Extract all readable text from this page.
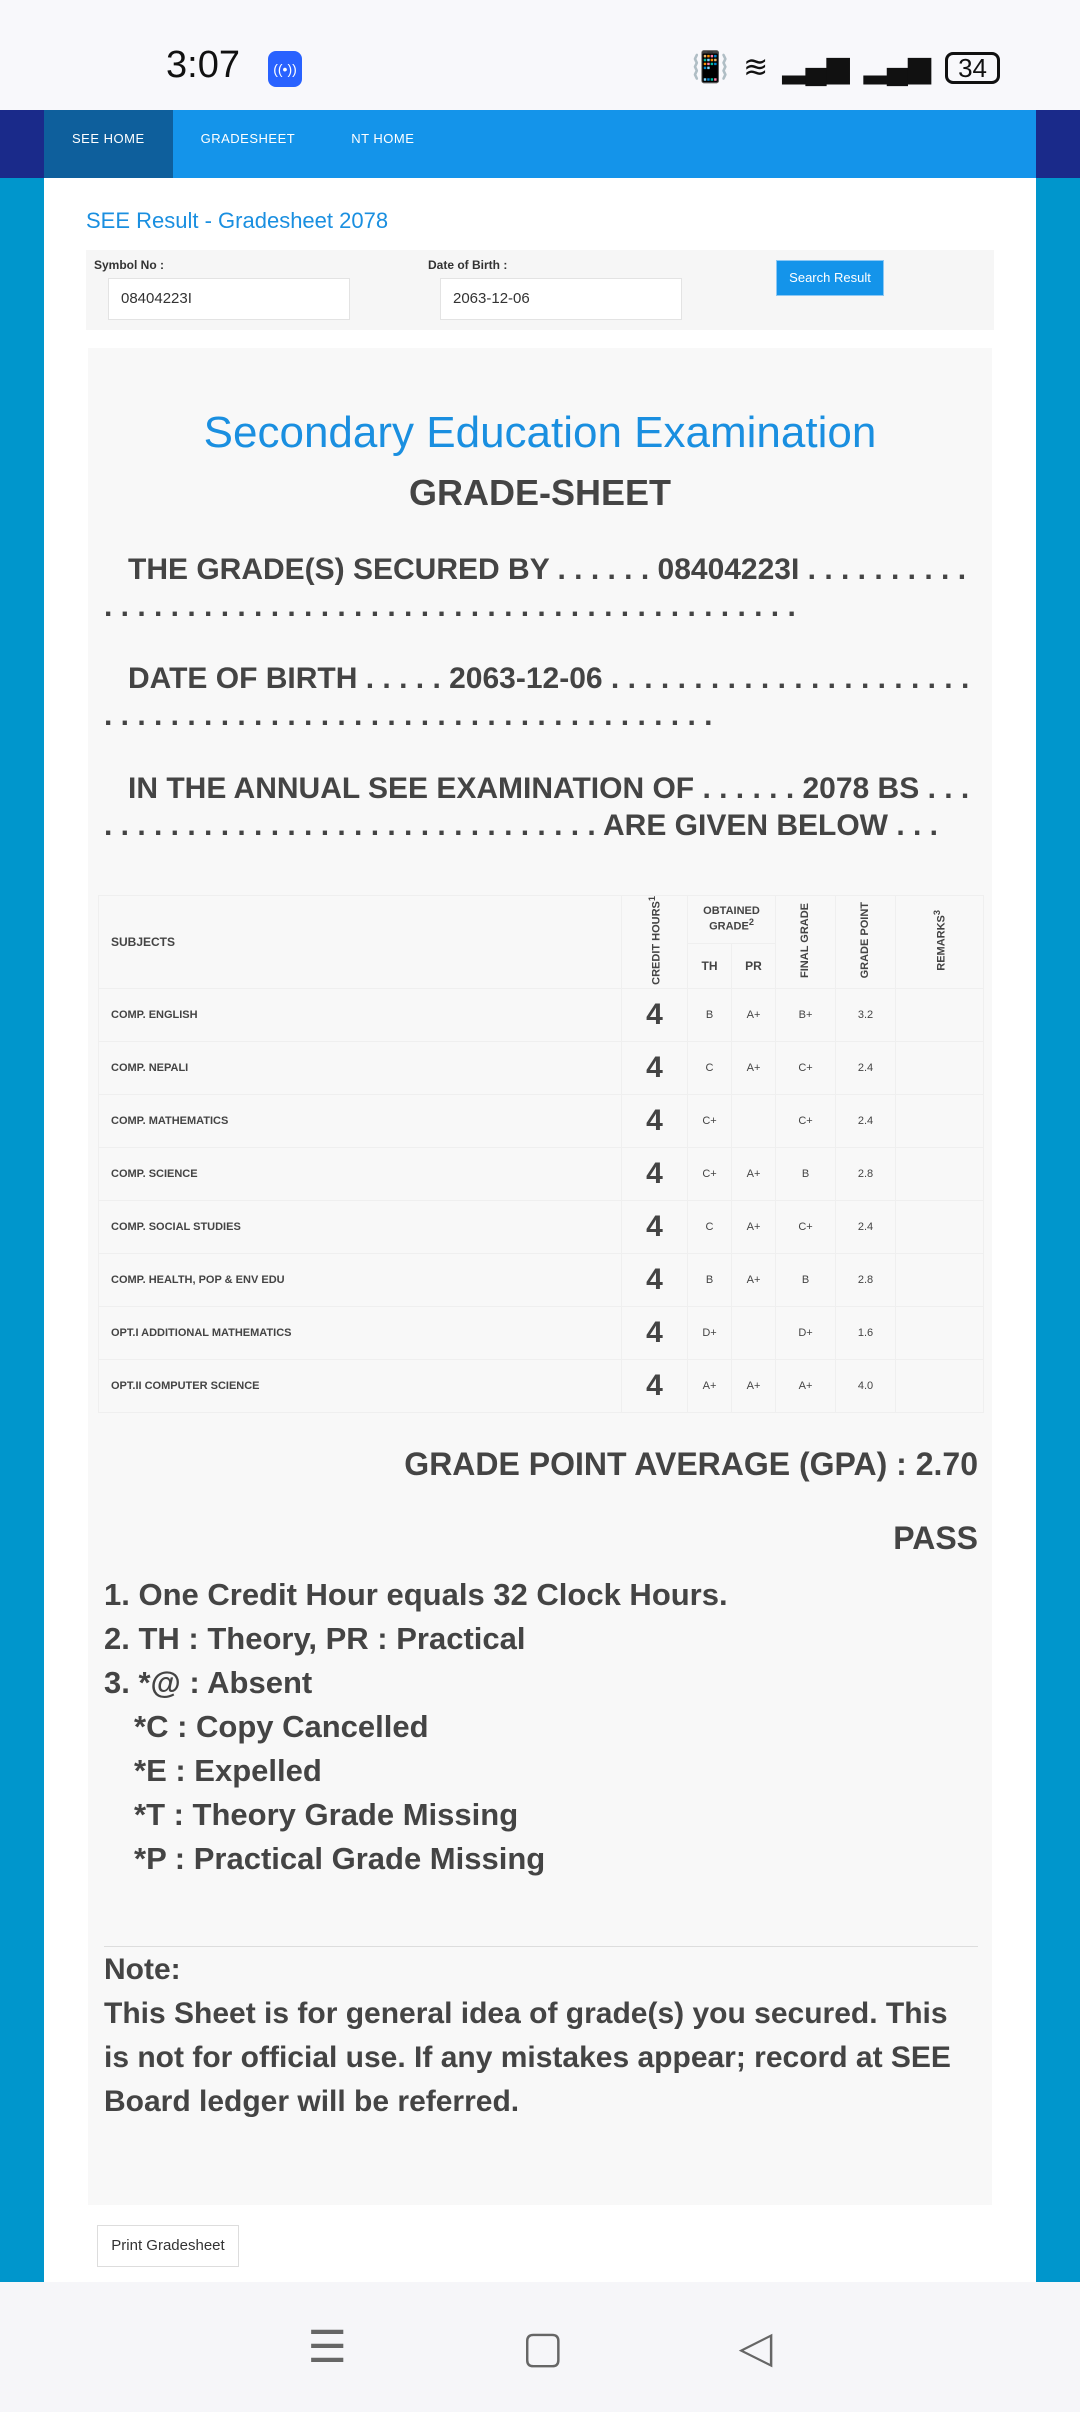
3:07	((•))	📳 ≋ ▂▄▆ ▂▄▆	34
SEE HOME	GRADESHEET	NT HOME
SEE Result - Gradesheet 2078
Symbol No :
08404223I
Date of Birth :
2063-12-06
Search Result
Secondary Education Examination
GRADE-SHEET
THE GRADE(S) SECURED BY . . . . . . 08404223I . . . . . . . . . . . . . . . . . . . . . . . . . . . . . . . . . . . . . . . . . . . . . . . . . . . .
DATE OF BIRTH . . . . . 2063-12-06 . . . . . . . . . . . . . . . . . . . . . . . . . . . . . . . . . . . . . . . . . . . . . . . . . . . . . . . . . . .
IN THE ANNUAL SEE EXAMINATION OF . . . . . . 2078 BS . . . . . . . . . . . . . . . . . . . . . . . . . . . . . . . . . ARE GIVEN BELOW . . .
SUBJECTS	CREDIT HOURS$^1$	OBTAINED GRADE$^2$		FINAL GRADE	GRADE POINT	REMARKS$^3$
		TH	PR			
COMP. ENGLISH	4	B	A+	B+	3.2	
COMP. NEPALI	4	C	A+	C+	2.4	
COMP. MATHEMATICS	4	C+		C+	2.4	
COMP. SCIENCE	4	C+	A+	B	2.8	
COMP. SOCIAL STUDIES	4	C	A+	C+	2.4	
COMP. HEALTH, POP & ENV EDU	4	B	A+	B	2.8	
OPT.I ADDITIONAL MATHEMATICS	4	D+		D+	1.6	
OPT.II COMPUTER SCIENCE	4	A+	A+	A+	4.0	
GRADE POINT AVERAGE (GPA) : 2.70
PASS
1. One Credit Hour equals 32 Clock Hours.
2. TH : Theory, PR : Practical
3. *@ : Absent
*C : Copy Cancelled
*E : Expelled
*T : Theory Grade Missing
*P : Practical Grade Missing
Note:
This Sheet is for general idea of grade(s) you secured. This is not for official use. If any mistakes appear; record at SEE Board ledger will be referred.
Print Gradesheet
☰	▢	◁
